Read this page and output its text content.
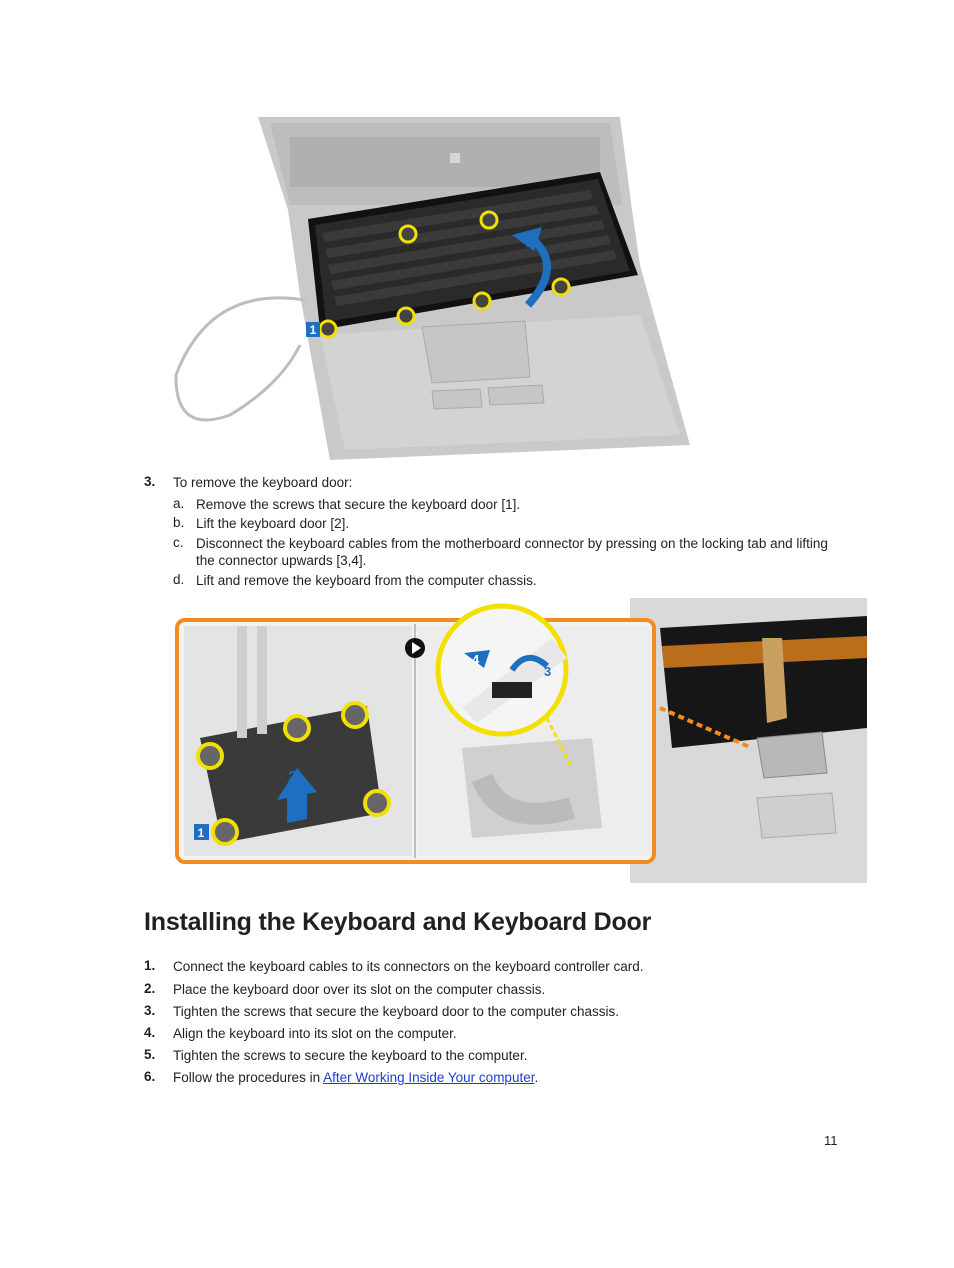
1
2
3. To remove the keyboard door:
a. Remove the screws that secure the keyboard door [1].
b. Lift the keyboard door [2].
c. Disconnect the keyboard cables from the motherboard connector by pressing on the locking tab and lifting the connector upwards [3,4].
d. Lift and remove the keyboard from the computer chassis.
1
2
4
3
Installing the Keyboard and Keyboard Door
1. Connect the keyboard cables to its connectors on the keyboard controller card.
2. Place the keyboard door over its slot on the computer chassis.
3. Tighten the screws that secure the keyboard door to the computer chassis.
4. Align the keyboard into its slot on the computer.
5. Tighten the screws to secure the keyboard to the computer.
6. Follow the procedures in After Working Inside Your computer.
11
